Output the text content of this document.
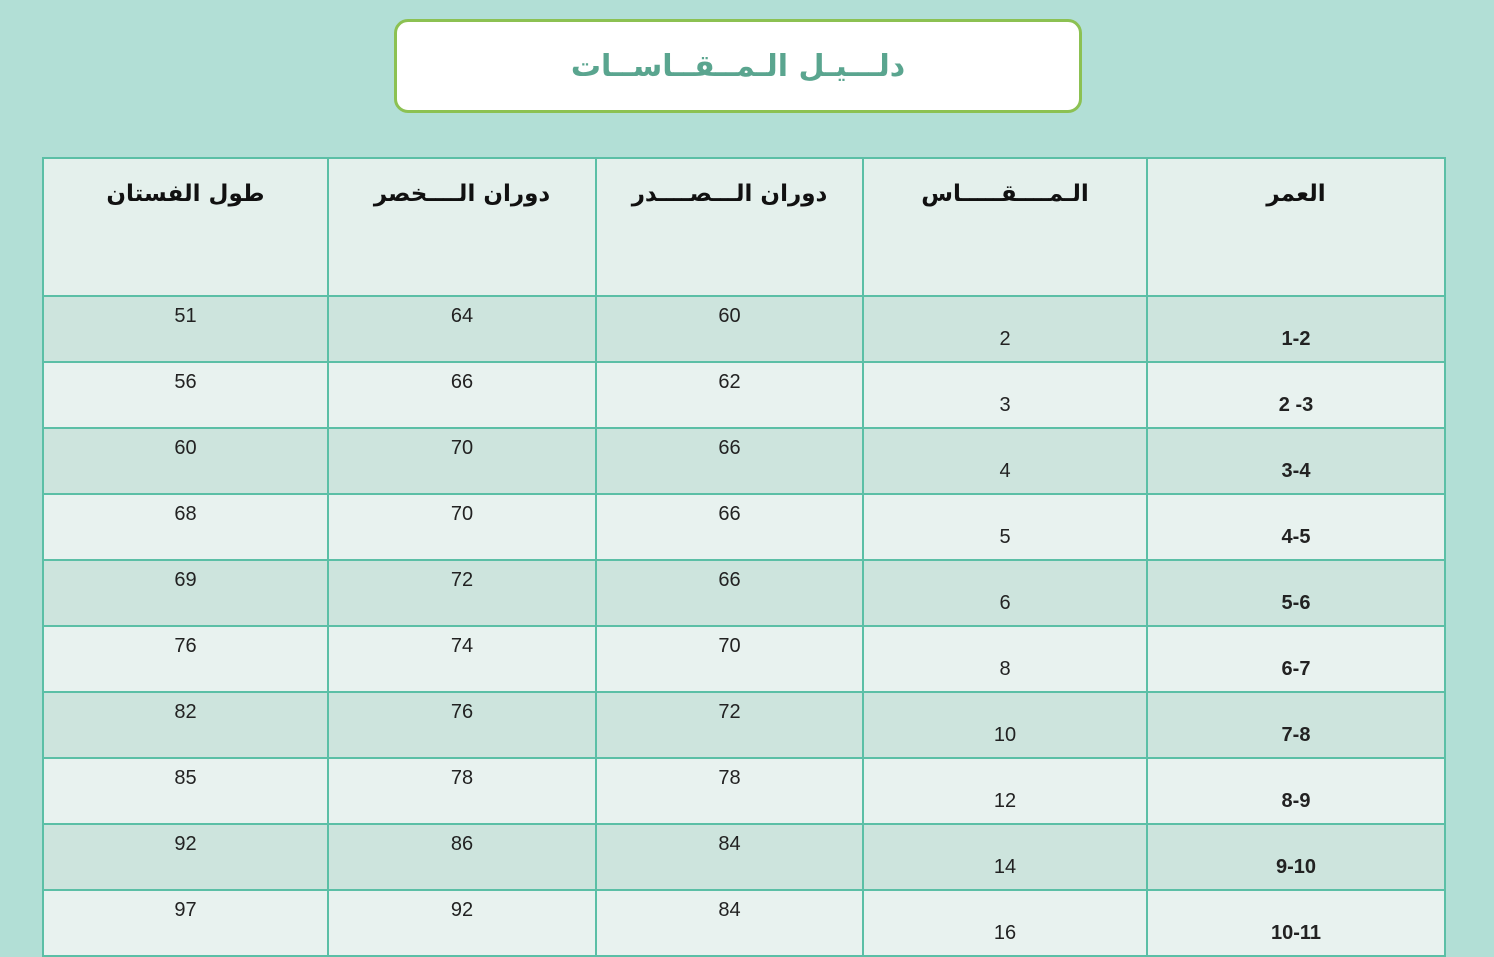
دلـــيـل الـمــقــاســات
العمر	الـمــــقـــــاس	دوران الـــصــــدر	دوران الــــخصر	طول الفستان
1-2	2	60	64	51
2 -3	3	62	66	56
3-4	4	66	70	60
4-5	5	66	70	68
5-6	6	66	72	69
6-7	8	70	74	76
7-8	10	72	76	82
8-9	12	78	78	85
9-10	14	84	86	92
10-11	16	84	92	97
